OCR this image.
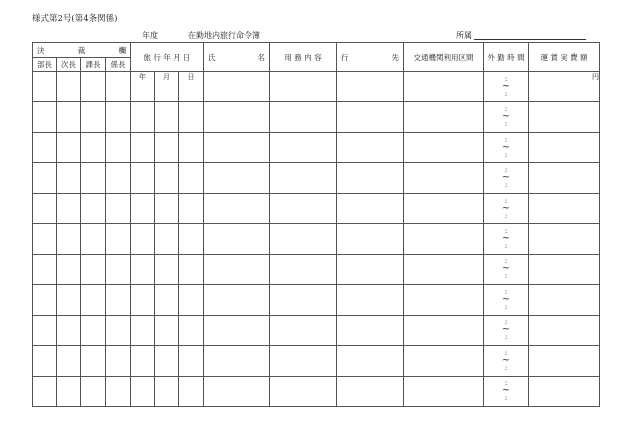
様式第2号(第4条関係)
年度	在勤地内旅行命令簿	所属
決 裁 欄				旅 行 年 月 日			氏 名	用 務 内 容	行 先	交通機関利用区間	外 勤 時 間	運 賃 実 費 額
部長	次長	課長	係長									
				年	月	日					:
~
:	円

											:
~
:	

											:
~
:	

											:
~
:	

											:
~
:	

											:
~
:	

											:
~
:	

											:
~
:	

											:
~
:	

											:
~
:	

											:
~
:	
